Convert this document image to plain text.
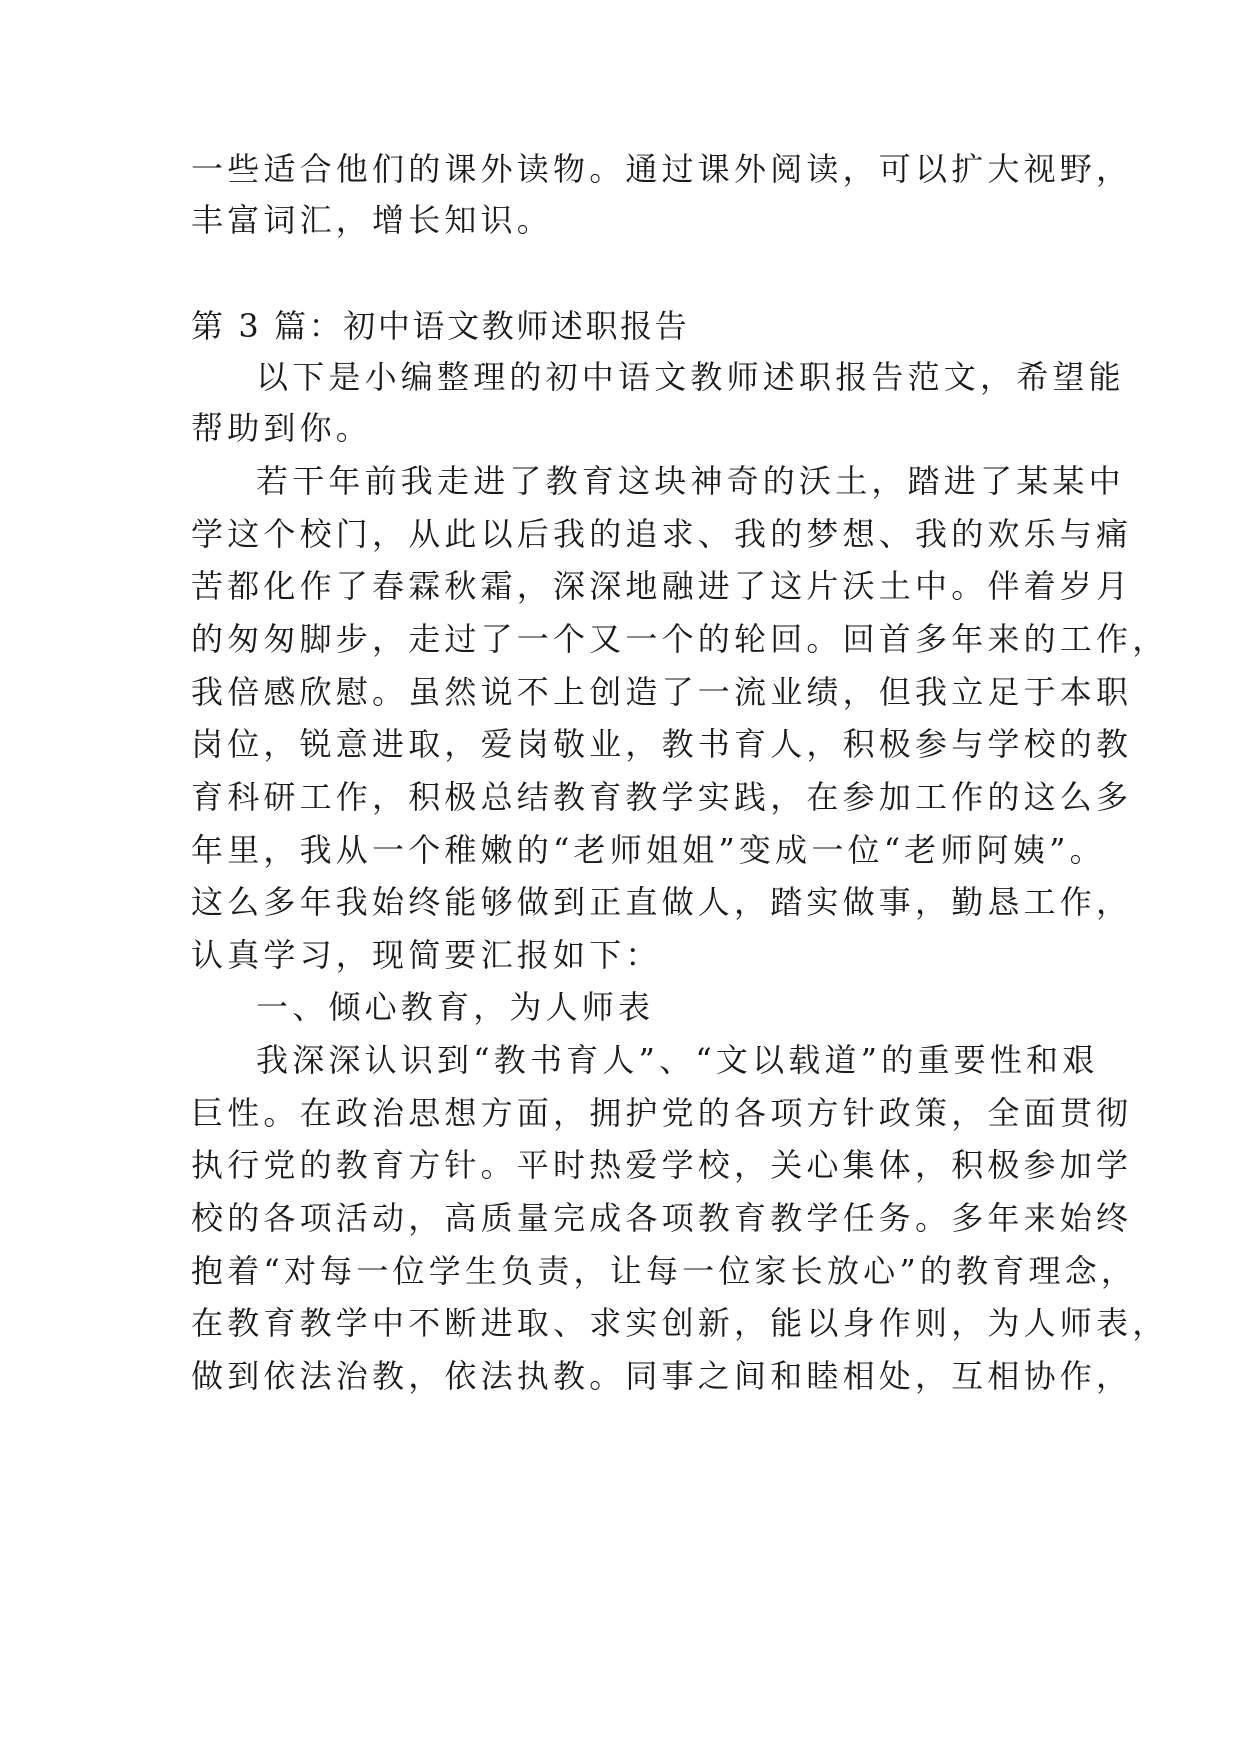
一些适合他们的课外读物。通过课外阅读，可以扩大视野，
丰富词汇，增长知识。
第 3 篇：初中语文教师述职报告
以下是小编整理的初中语文教师述职报告范文，希望能
帮助到你。
若干年前我走进了教育这块神奇的沃土，踏进了某某中
学这个校门，从此以后我的追求、我的梦想、我的欢乐与痛
苦都化作了春霖秋霜，深深地融进了这片沃土中。伴着岁月
的匆匆脚步，走过了一个又一个的轮回。回首多年来的工作，
我倍感欣慰。虽然说不上创造了一流业绩，但我立足于本职
岗位，锐意进取，爱岗敬业，教书育人，积极参与学校的教
育科研工作，积极总结教育教学实践，在参加工作的这么多
年里，我从一个稚嫩的“老师姐姐”变成一位“老师阿姨”。
这么多年我始终能够做到正直做人，踏实做事，勤恳工作，
认真学习，现简要汇报如下：
一、倾心教育，为人师表
我深深认识到“教书育人”、“文以载道”的重要性和艰
巨性。在政治思想方面，拥护党的各项方针政策，全面贯彻
执行党的教育方针。平时热爱学校，关心集体，积极参加学
校的各项活动，高质量完成各项教育教学任务。多年来始终
抱着“对每一位学生负责，让每一位家长放心”的教育理念，
在教育教学中不断进取、求实创新，能以身作则，为人师表，
做到依法治教，依法执教。同事之间和睦相处，互相协作，
